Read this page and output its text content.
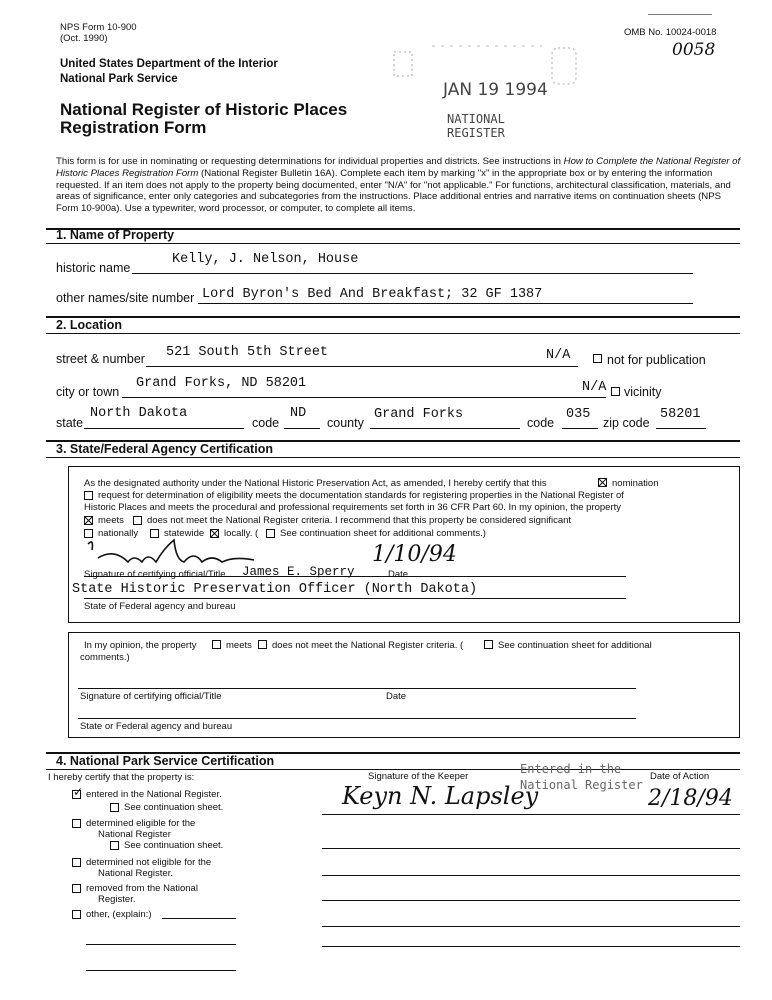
NPS Form 10-900
(Oct. 1990)
OMB No. 10024-0018
0058
United States Department of the Interior
National Park Service
National Register of Historic Places
Registration Form
JAN 19 1994
NATIONAL
REGISTER
This form is for use in nominating or requesting determinations for individual properties and districts. See instructions in How to Complete the National Register of Historic Places Registration Form (National Register Bulletin 16A). Complete each item by marking "x" in the appropriate box or by entering the information requested. If an item does not apply to the property being documented, enter "N/A" for "not applicable." For functions, architectural classification, materials, and areas of significance, enter only categories and subcategories from the instructions. Place additional entries and narrative items on continuation sheets (NPS Form 10-900a). Use a typewriter, word processor, or computer, to complete all items.
1. Name of Property
historic name
Kelly, J. Nelson, House
other names/site number Lord Byron's Bed And Breakfast; 32 GF 1387
2. Location
street & number 521 South 5th Street	N/A	not for publication
city or town
Grand Forks, ND 58201	N/A vicinity
state
North Dakota
code
ND
county
Grand Forks
code
035
zip code
58201
3. State/Federal Agency Certification
As the designated authority under the National Historic Preservation Act, as amended, I hereby certify that this	nomination
request for determination of eligibility meets the documentation standards for registering properties in the National Register of
Historic Places and meets the procedural and professional requirements set forth in 36 CFR Part 60. In my opinion, the property
meets does not meet the National Register criteria. I recommend that this property be considered significant
nationally	statewide locally. ( See continuation sheet for additional comments.)
Signature of certifying official/Title James E. Sperry
1/10/94
Date
State Historic Preservation Officer (North Dakota)
State of Federal agency and bureau
In my opinion, the property	meets does not meet the National Register criteria. (	See continuation sheet for additional
comments.)
Signature of certifying official/Title	Date
State or Federal agency and bureau
4. National Park Service Certification
I hereby certify that the property is:
✓
entered in the National Register.
See continuation sheet.
determined eligible for the
National Register
See continuation sheet.
determined not eligible for the
National Register.
removed from the National
Register.
other, (explain:)
Signature of the Keeper	Date of Action
Entered in the
National Register
Keyn N. Lapsley	2/18/94
